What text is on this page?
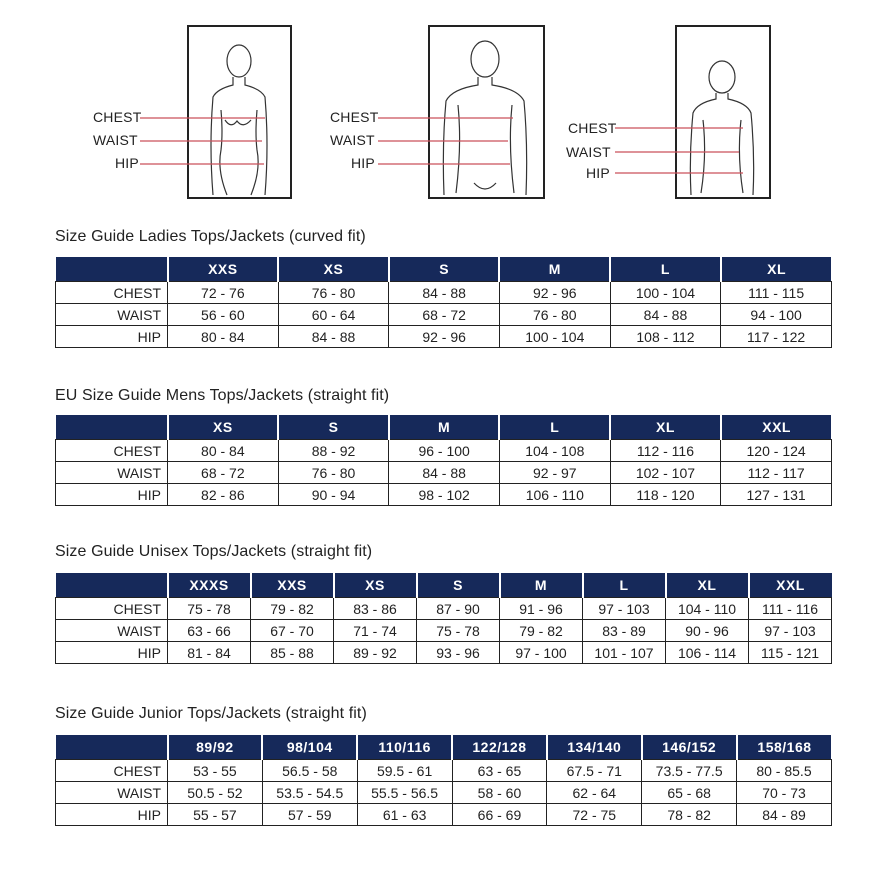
CHEST
WAIST
HIP
CHEST
WAIST
HIP
CHEST
WAIST
HIP
Size Guide Ladies Tops/Jackets (curved fit)
	XXS	XS	S	M	L	XL
CHEST	72 - 76	76 - 80	84 - 88	92 - 96	100 - 104	111 - 115
WAIST	56 - 60	60 - 64	68 - 72	76 - 80	84 - 88	94 - 100
HIP	80 - 84	84 - 88	92 - 96	100 - 104	108 - 112	117 - 122
EU Size Guide Mens Tops/Jackets (straight fit)
	XS	S	M	L	XL	XXL
CHEST	80 - 84	88 - 92	96 - 100	104 - 108	112 - 116	120 - 124
WAIST	68 - 72	76 - 80	84 - 88	92 - 97	102 - 107	112 - 117
HIP	82 - 86	90 - 94	98 - 102	106 - 110	118 - 120	127 - 131
Size Guide Unisex Tops/Jackets (straight fit)
	XXXS	XXS	XS	S	M	L	XL	XXL
CHEST	75 - 78	79 - 82	83 - 86	87 - 90	91 - 96	97 - 103	104 - 110	111 - 116
WAIST	63 - 66	67 - 70	71 - 74	75 - 78	79 - 82	83 - 89	90 - 96	97 - 103
HIP	81 - 84	85 - 88	89 - 92	93 - 96	97 - 100	101 - 107	106 - 114	115 - 121
Size Guide Junior Tops/Jackets (straight fit)
	89/92	98/104	110/116	122/128	134/140	146/152	158/168
CHEST	53 - 55	56.5 - 58	59.5 - 61	63 - 65	67.5 - 71	73.5 - 77.5	80 - 85.5
WAIST	50.5 - 52	53.5 - 54.5	55.5 - 56.5	58 - 60	62 - 64	65 - 68	70 - 73
HIP	55 - 57	57 - 59	61 - 63	66 - 69	72 - 75	78 - 82	84 - 89
